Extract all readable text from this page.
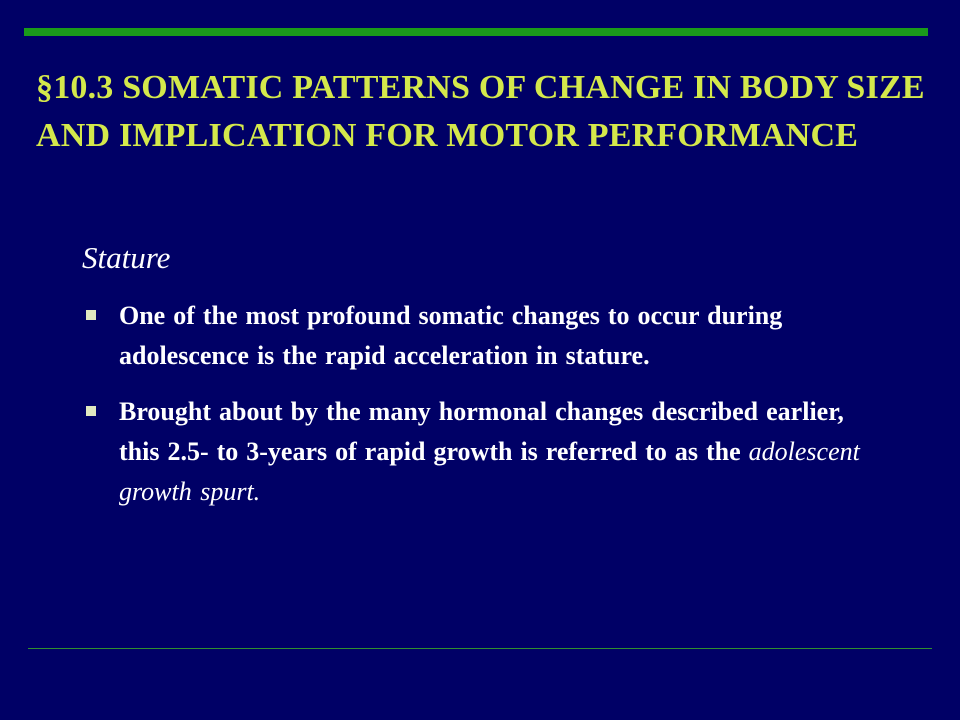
§10.3 SOMATIC PATTERNS OF CHANGE IN BODY SIZE AND IMPLICATION FOR MOTOR PERFORMANCE

Stature

One of the most profound somatic changes to occur during adolescence is the rapid acceleration in stature.
Brought about by the many hormonal changes described earlier, this 2.5- to 3-years of rapid growth is referred to as the adolescent growth spurt.
